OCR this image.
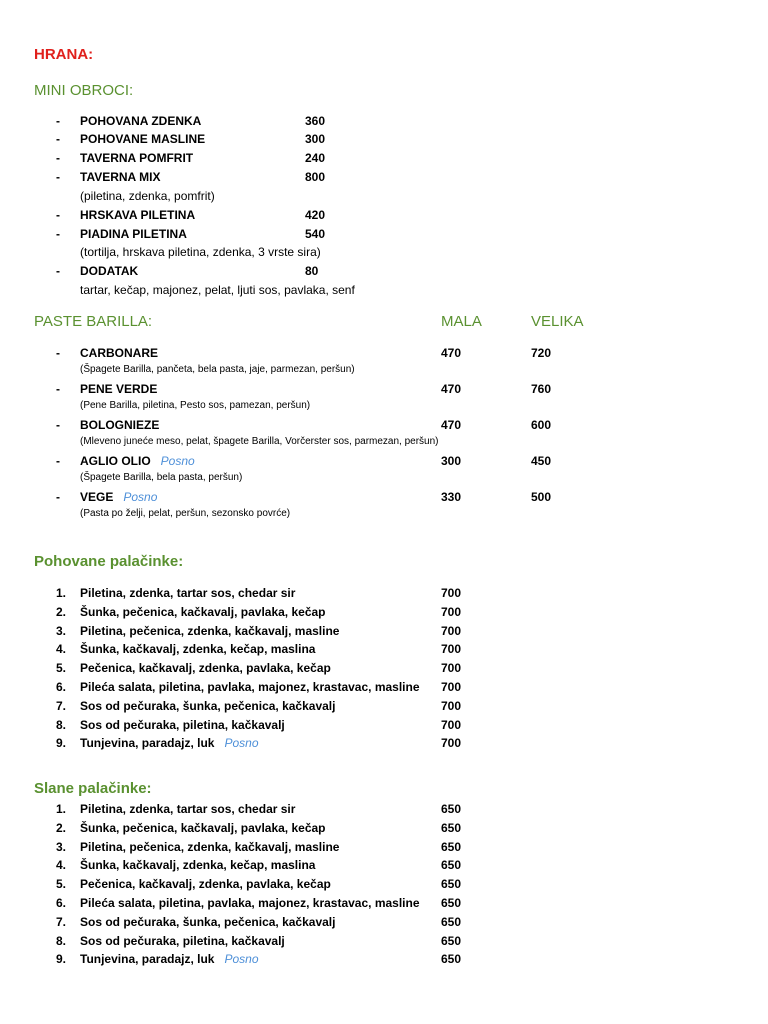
HRANA:
MINI OBROCI:
PASTE BARILLA:	MALA	VELIKA
Pohovane palačinke:
Slane palačinke:
- POHOVANA ZDENKA	360
- POHOVANE MASLINE	300
- TAVERNA POMFRIT	240
- TAVERNA MIX	800
(piletina, zdenka, pomfrit)
- HRSKAVA PILETINA	420
- PIADINA PILETINA	540
(tortilja, hrskava piletina, zdenka, 3 vrste sira)
- DODATAK	80
tartar, kečap, majonez, pelat, ljuti sos, pavlaka, senf
- CARBONARE	470	720
(Špagete Barilla, pančeta, bela pasta, jaje, parmezan, peršun)
- PENE VERDE	470	760
(Pene Barilla, piletina, Pesto sos, pamezan, peršun)
- BOLOGNIEZE	470	600
(Mleveno juneće meso, pelat, špagete Barilla, Vorčerster sos, parmezan, peršun)
- AGLIO OLIO Posno	300	450
(Špagete Barilla, bela pasta, peršun)
- VEGE Posno	330	500
(Pasta po želji, pelat, peršun, sezonsko povrće)
1. Piletina, zdenka, tartar sos, chedar sir	700
2. Šunka, pečenica, kačkavalj, pavlaka, kečap	700
3. Piletina, pečenica, zdenka, kačkavalj, masline	700
4. Šunka, kačkavalj, zdenka, kečap, maslina	700
5. Pečenica, kačkavalj, zdenka, pavlaka, kečap	700
6. Pileća salata, piletina, pavlaka, majonez, krastavac, masline 700
7. Sos od pečuraka, šunka, pečenica, kačkavalj	700
8. Sos od pečuraka, piletina, kačkavalj	700
9. Tunjevina, paradajz, luk Posno	700
1. Piletina, zdenka, tartar sos, chedar sir	650
2. Šunka, pečenica, kačkavalj, pavlaka, kečap	650
3. Piletina, pečenica, zdenka, kačkavalj, masline	650
4. Šunka, kačkavalj, zdenka, kečap, maslina	650
5. Pečenica, kačkavalj, zdenka, pavlaka, kečap	650
6. Pileća salata, piletina, pavlaka, majonez, krastavac, masline 650
7. Sos od pečuraka, šunka, pečenica, kačkavalj	650
8. Sos od pečuraka, piletina, kačkavalj	650
9. Tunjevina, paradajz, luk Posno	650
